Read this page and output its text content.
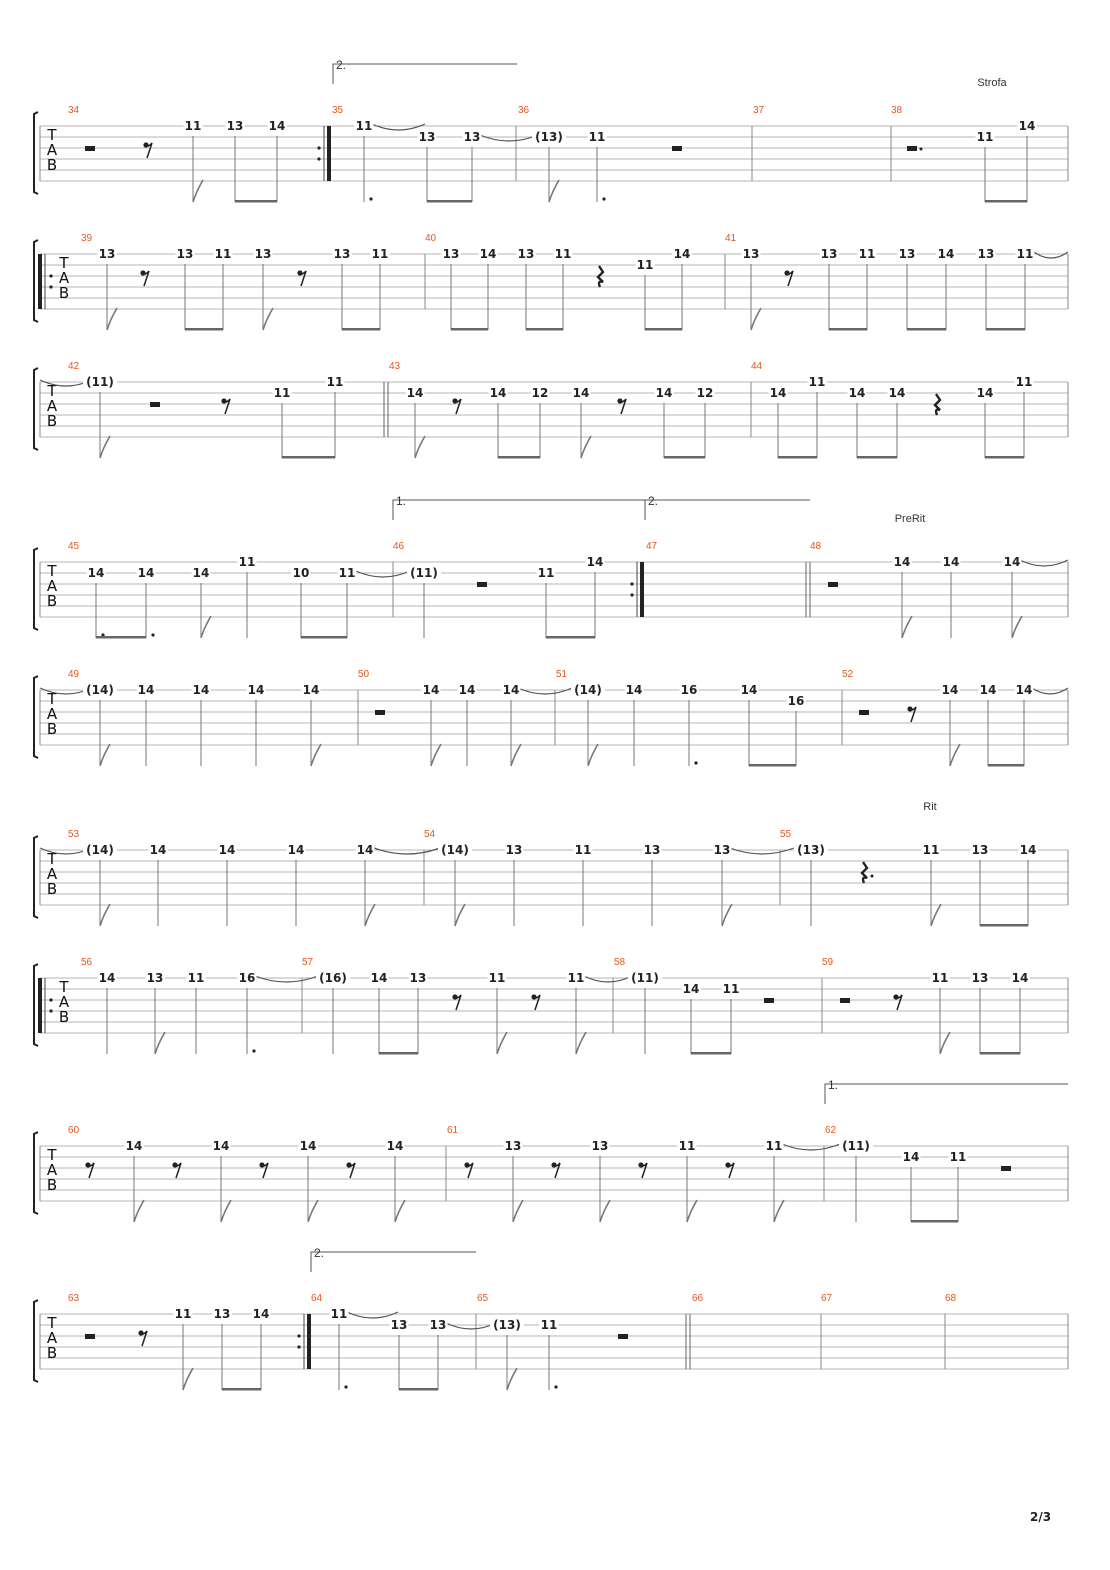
T
A
B
34	35	36	37	38
Strofa
2.
11 13 14	11
13 13	(13) 11	11
14
T
A
B
39	40	41
13	13 11 13	13 11	13 14 13 11
11
14	13	13 11 13 14 13 11
T
A
B
42	43	44
(11)
11
11
14	14 12 14	14 12	14
11
14 14	14
11
T
A
B
45	46	47	48
PreRit
1.	2.
14	14	14
11
10 11	(11)	11
14	14	14	14
T
A
B
49	50	51	52
(14) 14	14	14	14	14 14 14	(14) 14	16	14
16
14 14 14
T
A
B
53	54	55
Rit
(14)	14	14	14	14	(14)	13	11	13	13	(13)	11	13	14
T
A
B
56	57	58	59
14	13 11	16	(16) 14 13	11	11	(11)
14 11
11 13 14
T
A
B
60	61	62
1.
14	14	14	14	13	13	11	11	(11)
14	11
T
A
B
63	64	65	66	67	68
2.
11 13 14	11
13 13	(13) 11
2/3
